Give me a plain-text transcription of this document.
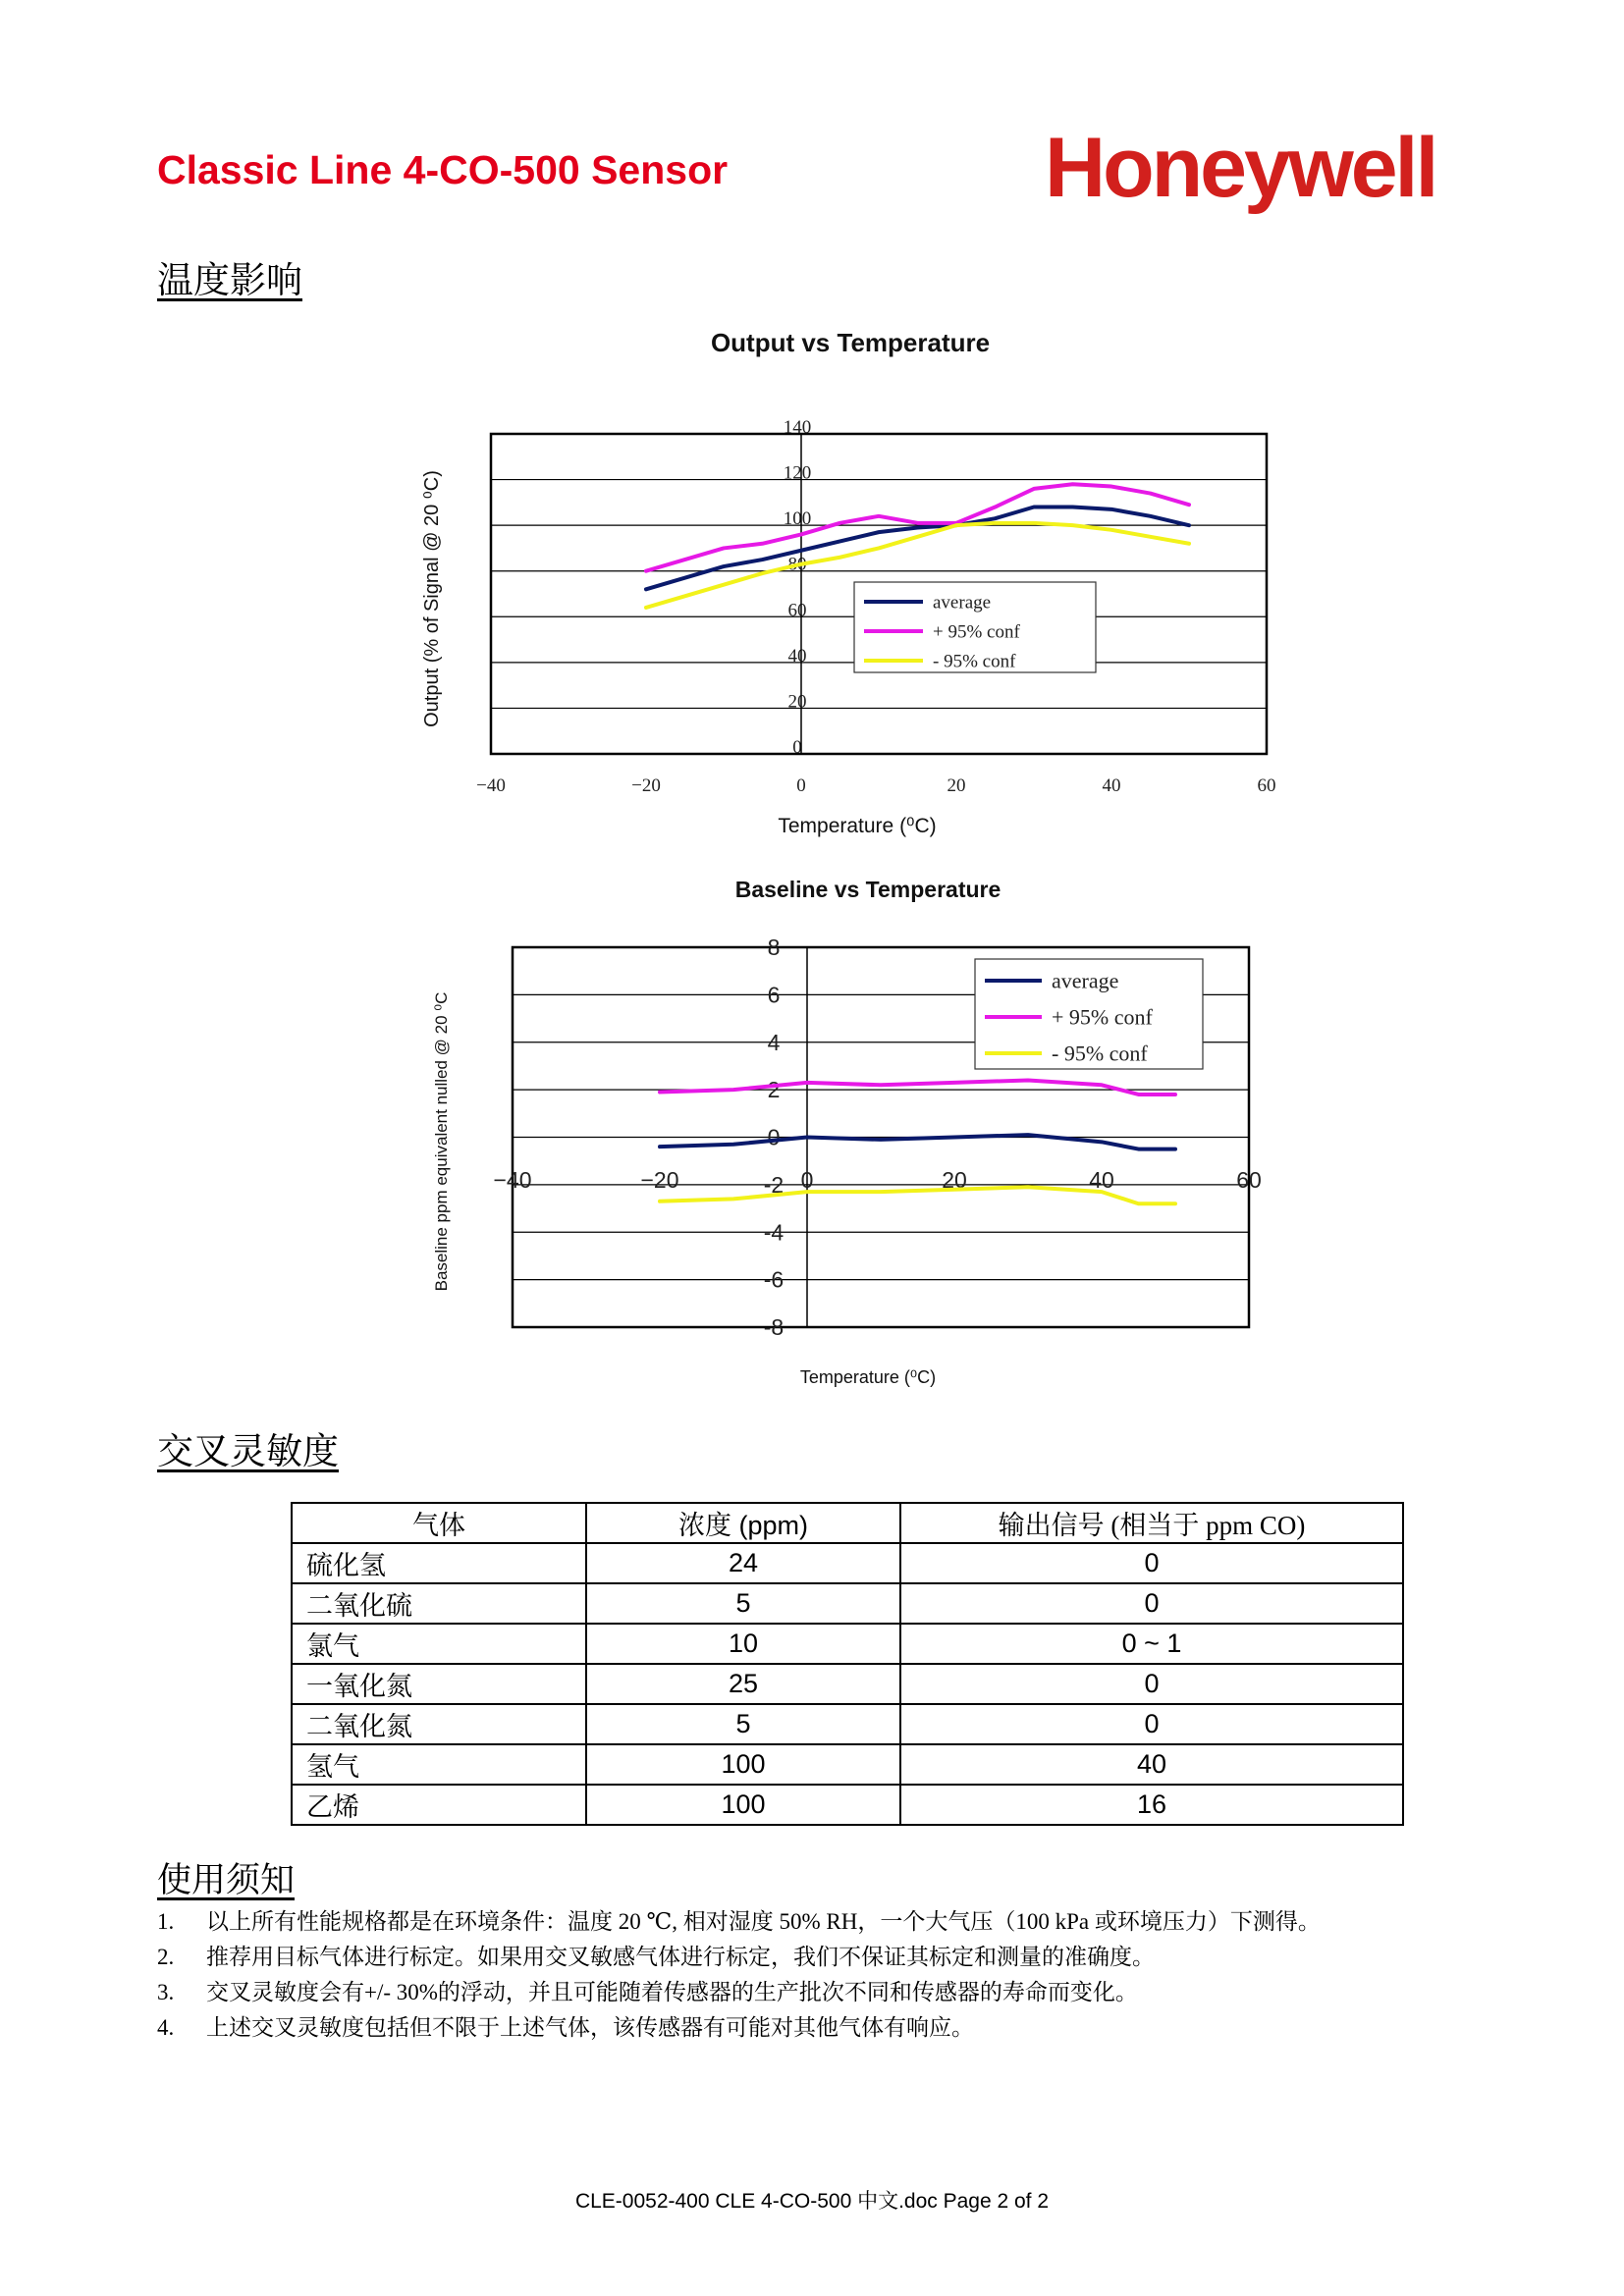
Classic Line 4-CO-500 Sensor	Honeywell
温度影响
Output vs Temperature
0
20
40
60
80
100
120
140
−40	−20	0	20	40	60
average
+ 95% conf
- 95% conf
Temperature (⁰C)
Output (% of Signal @ 20 ⁰C)
Baseline vs Temperature
8
6
4
2
0
-2
-4
-6
-8
−40	−20	0	20	40	60
average
+ 95% conf
- 95% conf
Temperature (⁰C)
Baseline ppm equivalent nulled @ 20 ⁰C
交叉灵敏度
气体	浓度 (ppm)	输出信号 (相当于 ppm CO)
硫化氢	24	0
二氧化硫	5	0
氯气	10	0 ~ 1
一氧化氮	25	0
二氧化氮	5	0
氢气	100	40
乙烯	100	16
使用须知
1.	以上所有性能规格都是在环境条件：温度 20 ℃, 相对湿度 50% RH，一个大气压（100 kPa 或环境压力）下测得。
2.	推荐用目标气体进行标定。如果用交叉敏感气体进行标定，我们不保证其标定和测量的准确度。
3.	交叉灵敏度会有+/- 30%的浮动，并且可能随着传感器的生产批次不同和传感器的寿命而变化。
4.	上述交叉灵敏度包括但不限于上述气体，该传感器有可能对其他气体有响应。
CLE-0052-400 CLE 4-CO-500 中文.doc Page 2 of 2
